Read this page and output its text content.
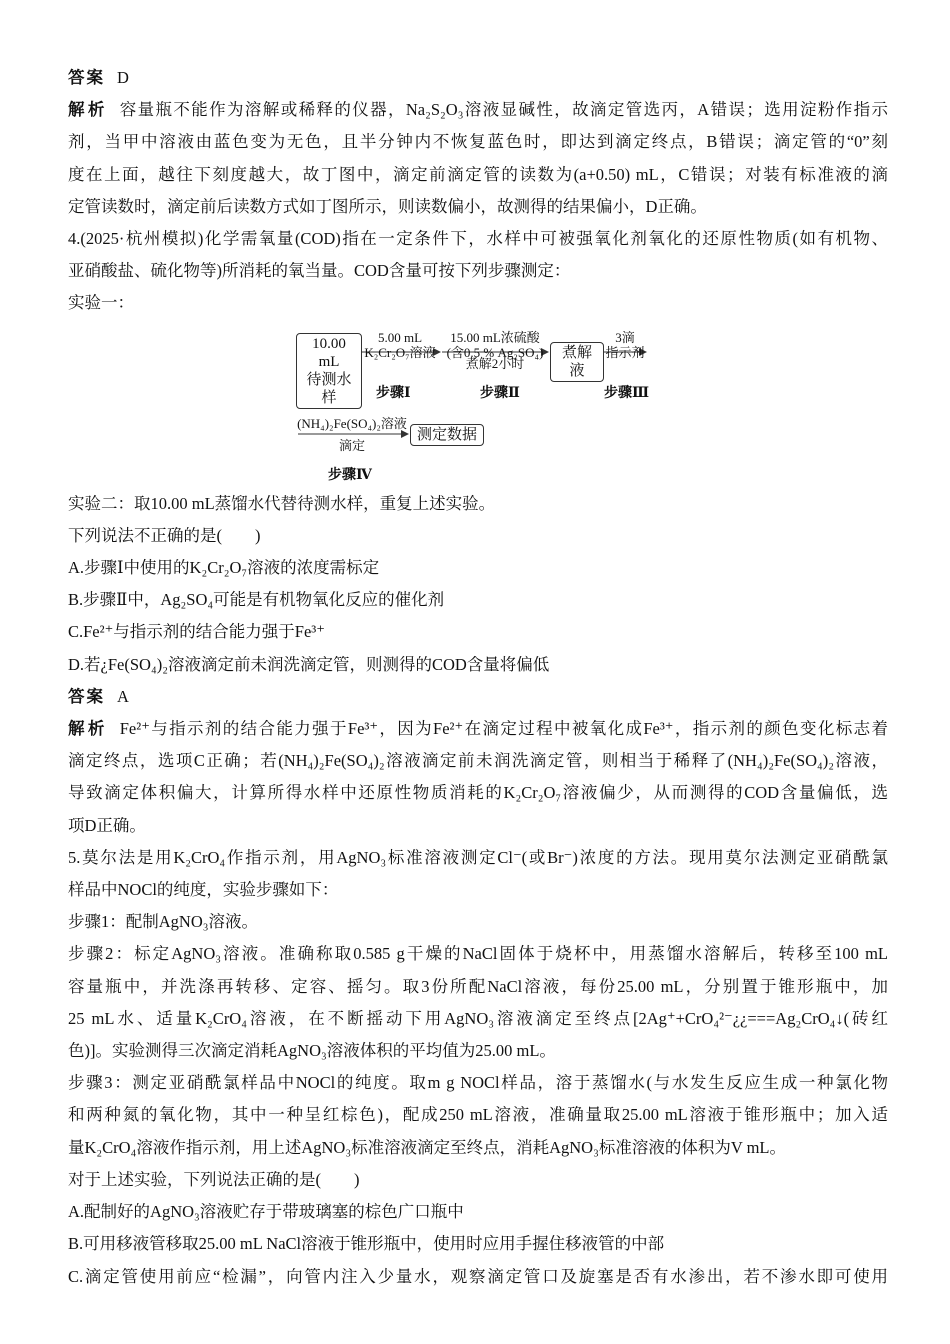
答案 D
解析 容量瓶不能作为溶解或稀释的仪器，Na₂S₂O₃溶液显碱性，故滴定管选丙，A错误；选用淀粉作指示
剂，当甲中溶液由蓝色变为无色，且半分钟内不恢复蓝色时，即达到滴定终点，B错误；滴定管的“0”刻
度在上面，越往下刻度越大，故丁图中，滴定前滴定管的读数为(a+0.50) mL，C错误；对装有标准液的滴
定管读数时，滴定前后读数方式如丁图所示，则读数偏小，故测得的结果偏小，D正确。
4.(2025·杭州模拟)化学需氧量(COD)指在一定条件下，水样中可被强氧化剂氧化的还原性物质(如有机物、
亚硝酸盐、硫化物等)所消耗的氧当量。COD含量可按下列步骤测定：
实验一：
10.00 mL
待测水样
5.00 mL
K₂Cr₂O₇溶液
15.00 mL浓硫酸
(含0.5 % Ag₂SO₄)
煮解2小时
煮解液
3滴
指示剂
步骤Ⅰ	步骤Ⅱ	步骤Ⅲ
(NH₄)₂Fe(SO₄)₂溶液
滴定
测定数据
步骤Ⅳ
实验二：取10.00 mL蒸馏水代替待测水样，重复上述实验。
下列说法不正确的是(　　)
A.步骤Ⅰ中使用的K₂Cr₂O₇溶液的浓度需标定
B.步骤Ⅱ中，Ag₂SO₄可能是有机物氧化反应的催化剂
C.Fe²⁺与指示剂的结合能力强于Fe³⁺
D.若¿Fe(SO₄)₂溶液滴定前未润洗滴定管，则测得的COD含量将偏低
答案 A
解析 Fe²⁺与指示剂的结合能力强于Fe³⁺，因为Fe²⁺在滴定过程中被氧化成Fe³⁺，指示剂的颜色变化标志着
滴定终点，选项C正确；若(NH₄)₂Fe(SO₄)₂溶液滴定前未润洗滴定管，则相当于稀释了(NH₄)₂Fe(SO₄)₂溶液，
导致滴定体积偏大，计算所得水样中还原性物质消耗的K₂Cr₂O₇溶液偏少，从而测得的COD含量偏低，选
项D正确。
5.莫尔法是用K₂CrO₄作指示剂，用AgNO₃标准溶液测定Cl⁻(或Br⁻)浓度的方法。现用莫尔法测定亚硝酰氯
样品中NOCl的纯度，实验步骤如下：
步骤1：配制AgNO₃溶液。
步骤2：标定AgNO₃溶液。准确称取0.585 g干燥的NaCl固体于烧杯中，用蒸馏水溶解后，转移至100 mL
容量瓶中，并洗涤再转移、定容、摇匀。取3份所配NaCl溶液，每份25.00 mL，分别置于锥形瓶中，加
25 mL水、适量K₂CrO₄溶液，在不断摇动下用AgNO₃溶液滴定至终点[2Ag⁺+CrO₄²⁻¿¿===Ag₂CrO₄↓(砖红
色)]。实验测得三次滴定消耗AgNO₃溶液体积的平均值为25.00 mL。
步骤3：测定亚硝酰氯样品中NOCl的纯度。取m g NOCl样品，溶于蒸馏水(与水发生反应生成一种氯化物
和两种氮的氧化物，其中一种呈红棕色)，配成250 mL溶液，准确量取25.00 mL溶液于锥形瓶中；加入适
量K₂CrO₄溶液作指示剂，用上述AgNO₃标准溶液滴定至终点，消耗AgNO₃标准溶液的体积为V mL。
对于上述实验，下列说法正确的是(　　)
A.配制好的AgNO₃溶液贮存于带玻璃塞的棕色广口瓶中
B.可用移液管移取25.00 mL NaCl溶液于锥形瓶中，使用时应用手握住移液管的中部
C.滴定管使用前应“检漏”，向管内注入少量水，观察滴定管口及旋塞是否有水渗出，若不渗水即可使用
